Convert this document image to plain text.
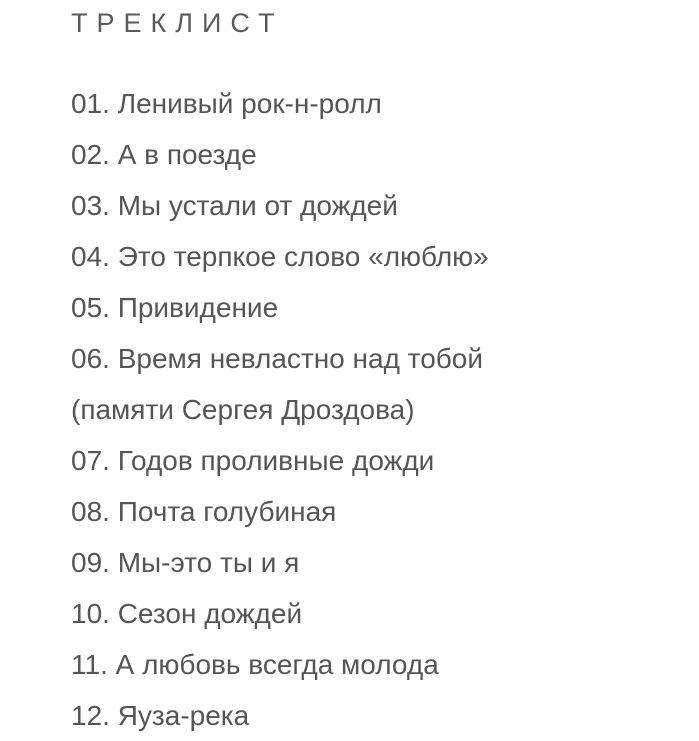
ТРЕКЛИСТ
01. Ленивый рок-н-ролл
02. А в поезде
03. Мы устали от дождей
04. Это терпкое слово «люблю»
05. Привидение
06. Время невластно над тобой
(памяти Сергея Дроздова)
07. Годов проливные дожди
08. Почта голубиная
09. Мы-это ты и я
10. Сезон дождей
11. А любовь всегда молода
12. Яуза-река
